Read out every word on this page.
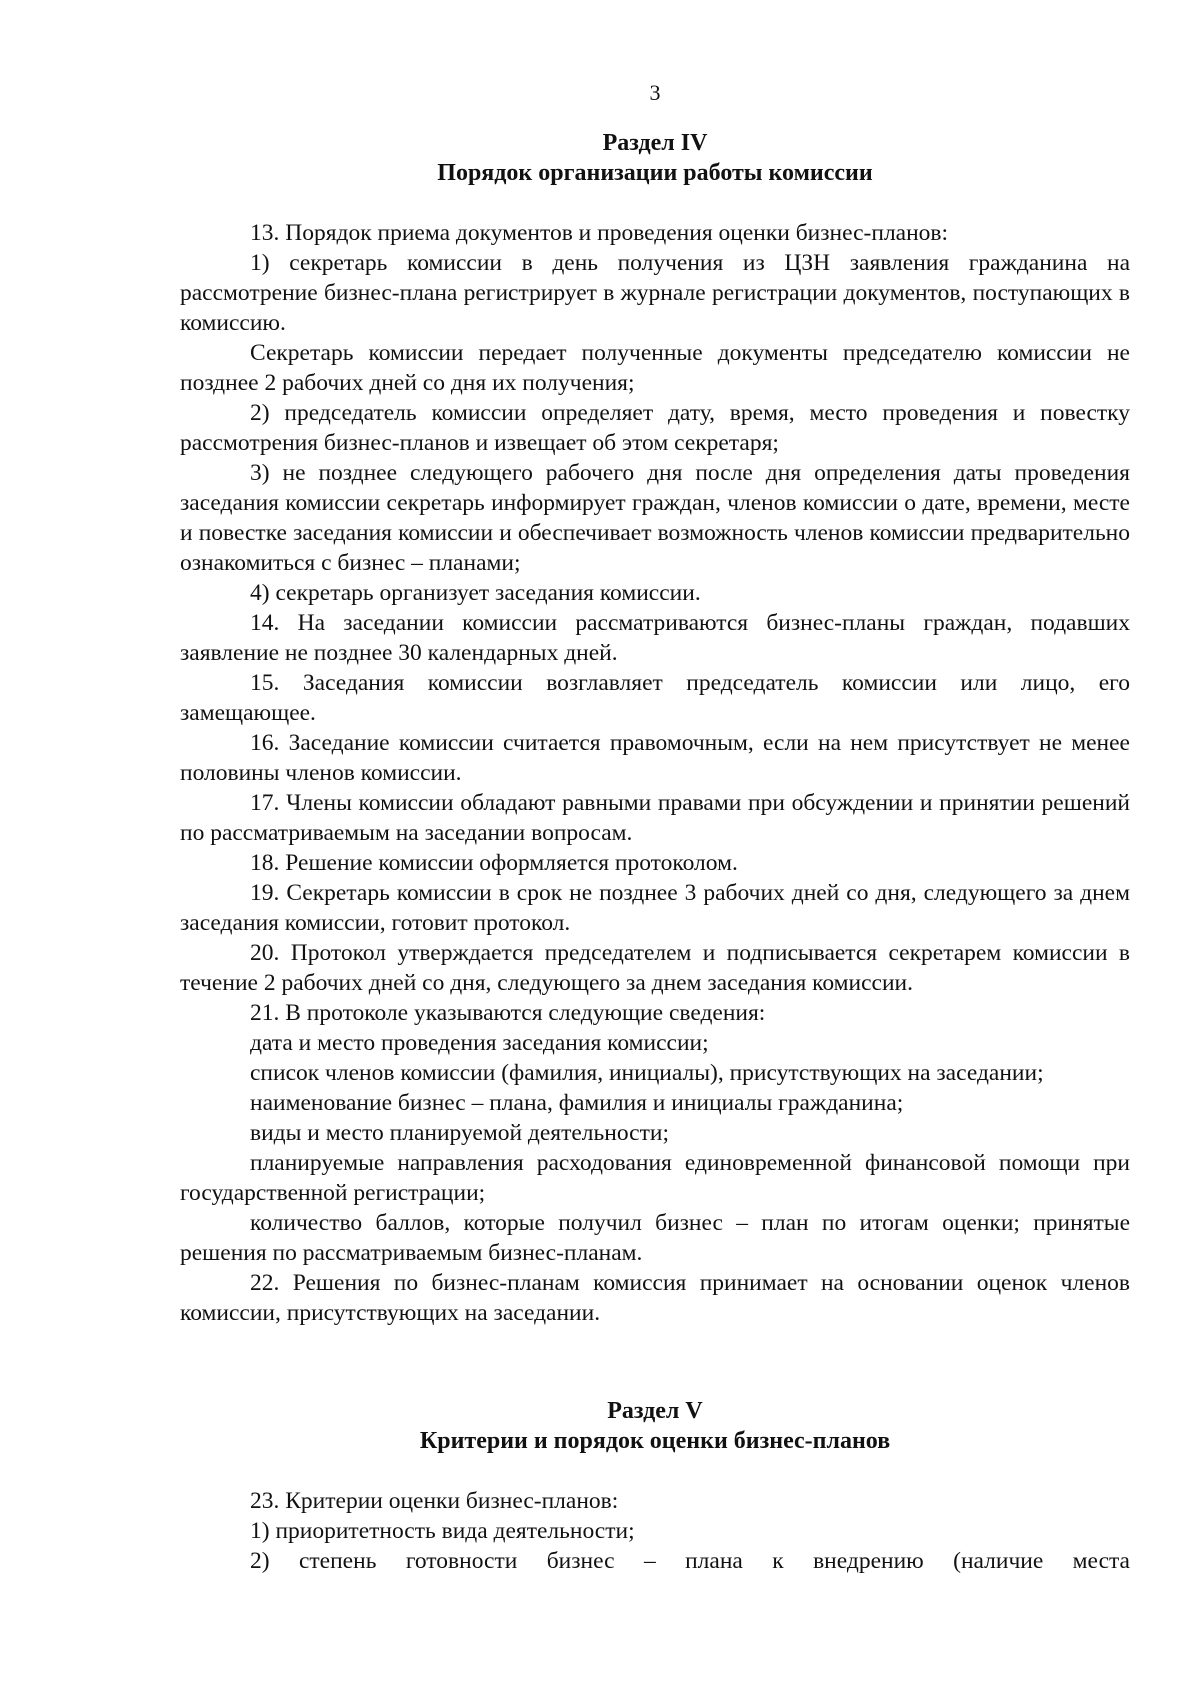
3
Раздел IV
Порядок организации работы комиссии

13. Порядок приема документов и проведения оценки бизнес-планов:

1) секретарь комиссии в день получения из ЦЗН заявления гражданина на рассмотрение бизнес-плана регистрирует в журнале регистрации документов, поступающих в комиссию.

Секретарь комиссии передает полученные документы председателю комиссии не позднее 2 рабочих дней со дня их получения;

2) председатель комиссии определяет дату, время, место проведения и повестку рассмотрения бизнес-планов и извещает об этом секретаря;

3) не позднее следующего рабочего дня после дня определения даты проведения заседания комиссии секретарь информирует граждан, членов комиссии о дате, времени, месте и повестке заседания комиссии и обеспечивает возможность членов комиссии предварительно ознакомиться с бизнес – планами;

4) секретарь организует заседания комиссии.

14. На заседании комиссии рассматриваются бизнес-планы граждан, подавших заявление не позднее 30 календарных дней.

15. Заседания комиссии возглавляет председатель комиссии или лицо, его замещающее.

16. Заседание комиссии считается правомочным, если на нем присутствует не менее половины членов комиссии.

17. Члены комиссии обладают равными правами при обсуждении и принятии решений по рассматриваемым на заседании вопросам.

18. Решение комиссии оформляется протоколом.

19. Секретарь комиссии в срок не позднее 3 рабочих дней со дня, следующего за днем заседания комиссии, готовит протокол.

20. Протокол утверждается председателем и подписывается секретарем комиссии в течение 2 рабочих дней со дня, следующего за днем заседания комиссии.

21. В протоколе указываются следующие сведения:

дата и место проведения заседания комиссии;

список членов комиссии (фамилия, инициалы), присутствующих на заседании;

наименование бизнес – плана, фамилия и инициалы гражданина;

виды и место планируемой деятельности;

планируемые направления расходования единовременной финансовой помощи при государственной регистрации;

количество баллов, которые получил бизнес – план по итогам оценки; принятые решения по рассматриваемым бизнес-планам.

22. Решения по бизнес-планам комиссия принимает на основании оценок членов комиссии, присутствующих на заседании.

Раздел V
Критерии и порядок оценки бизнес-планов

23. Критерии оценки бизнес-планов:

1) приоритетность вида деятельности;

2) степень готовности бизнес – плана к внедрению (наличие места
